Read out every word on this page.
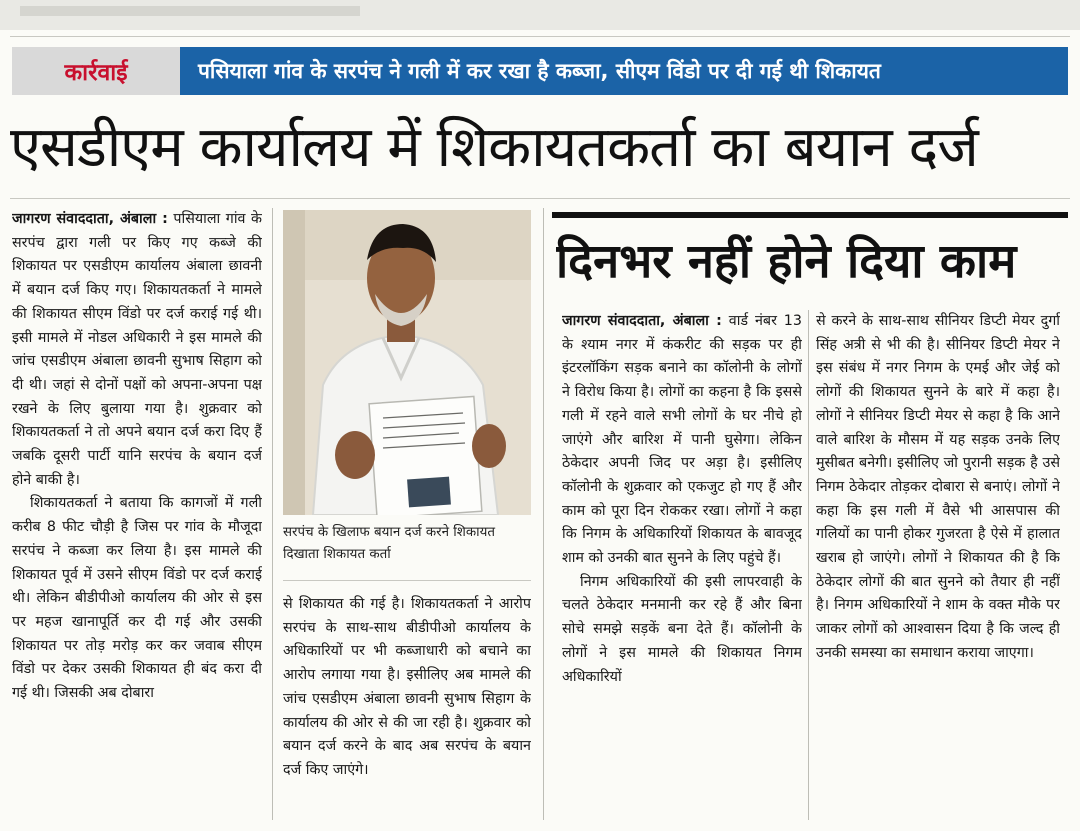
कार्रवाई	पसियाला गांव के सरपंच ने गली में कर रखा है कब्जा, सीएम विंडो पर दी गई थी शिकायत
एसडीएम कार्यालय में शिकायतकर्ता का बयान दर्ज

जागरण संवाददाता, अंबाला : पसियाला गांव के सरपंच द्वारा गली पर किए गए कब्जे की शिकायत पर एसडीएम कार्यालय अंबाला छावनी में बयान दर्ज किए गए। शिकायतकर्ता ने मामले की शिकायत सीएम विंडो पर दर्ज कराई गई थी। इसी मामले में नोडल अधिकारी ने इस मामले की जांच एसडीएम अंबाला छावनी सुभाष सिहाग को दी थी। जहां से दोनों पक्षों को अपना-अपना पक्ष रखने के लिए बुलाया गया है। शुक्रवार को शिकायतकर्ता ने तो अपने बयान दर्ज करा दिए हैं जबकि दूसरी पार्टी यानि सरपंच के बयान दर्ज होने बाकी है।

शिकायतकर्ता ने बताया कि कागजों में गली करीब 8 फीट चौड़ी है जिस पर गांव के मौजूदा सरपंच ने कब्जा कर लिया है। इस मामले की शिकायत पूर्व में उसने सीएम विंडो पर दर्ज कराई थी। लेकिन बीडीपीओ कार्यालय की ओर से इस पर महज खानापूर्ति कर दी गई और उसकी शिकायत पर तोड़ मरोड़ कर कर जवाब सीएम विंडो पर देकर उसकी शिकायत ही बंद करा दी गई थी। जिसकी अब दोबारा

सरपंच के खिलाफ बयान दर्ज करने शिकायत दिखाता शिकायत कर्ता

से शिकायत की गई है। शिकायतकर्ता ने आरोप सरपंच के साथ-साथ बीडीपीओ कार्यालय के अधिकारियों पर भी कब्जाधारी को बचाने का आरोप लगाया गया है। इसीलिए अब मामले की जांच एसडीएम अंबाला छावनी सुभाष सिहाग के कार्यालय की ओर से की जा रही है। शुक्रवार को बयान दर्ज करने के बाद अब सरपंच के बयान दर्ज किए जाएंगे।

दिनभर नहीं होने दिया काम

जागरण संवाददाता, अंबाला : वार्ड नंबर 13 के श्याम नगर में कंकरीट की सड़क पर ही इंटरलॉकिंग सड़क बनाने का कॉलोनी के लोगों ने विरोध किया है। लोगों का कहना है कि इससे गली में रहने वाले सभी लोगों के घर नीचे हो जाएंगे और बारिश में पानी घुसेगा। लेकिन ठेकेदार अपनी जिद पर अड़ा है। इसीलिए कॉलोनी के शुक्रवार को एकजुट हो गए हैं और काम को पूरा दिन रोककर रखा। लोगों ने कहा कि निगम के अधिकारियों शिकायत के बावजूद शाम को उनकी बात सुनने के लिए पहुंचे हैं।

निगम अधिकारियों की इसी लापरवाही के चलते ठेकेदार मनमानी कर रहे हैं और बिना सोचे समझे सड़कें बना देते हैं। कॉलोनी के लोगों ने इस मामले की शिकायत निगम अधिकारियों

से करने के साथ-साथ सीनियर डिप्टी मेयर दुर्गा सिंह अत्री से भी की है। सीनियर डिप्टी मेयर ने इस संबंध में नगर निगम के एमई और जेई को लोगों की शिकायत सुनने के बारे में कहा है। लोगों ने सीनियर डिप्टी मेयर से कहा है कि आने वाले बारिश के मौसम में यह सड़क उनके लिए मुसीबत बनेगी। इसीलिए जो पुरानी सड़क है उसे निगम ठेकेदार तोड़कर दोबारा से बनाएं। लोगों ने कहा कि इस गली में वैसे भी आसपास की गलियों का पानी होकर गुजरता है ऐसे में हालात खराब हो जाएंगे। लोगों ने शिकायत की है कि ठेकेदार लोगों की बात सुनने को तैयार ही नहीं है। निगम अधिकारियों ने शाम के वक्त मौके पर जाकर लोगों को आश्वासन दिया है कि जल्द ही उनकी समस्या का समाधान कराया जाएगा।
